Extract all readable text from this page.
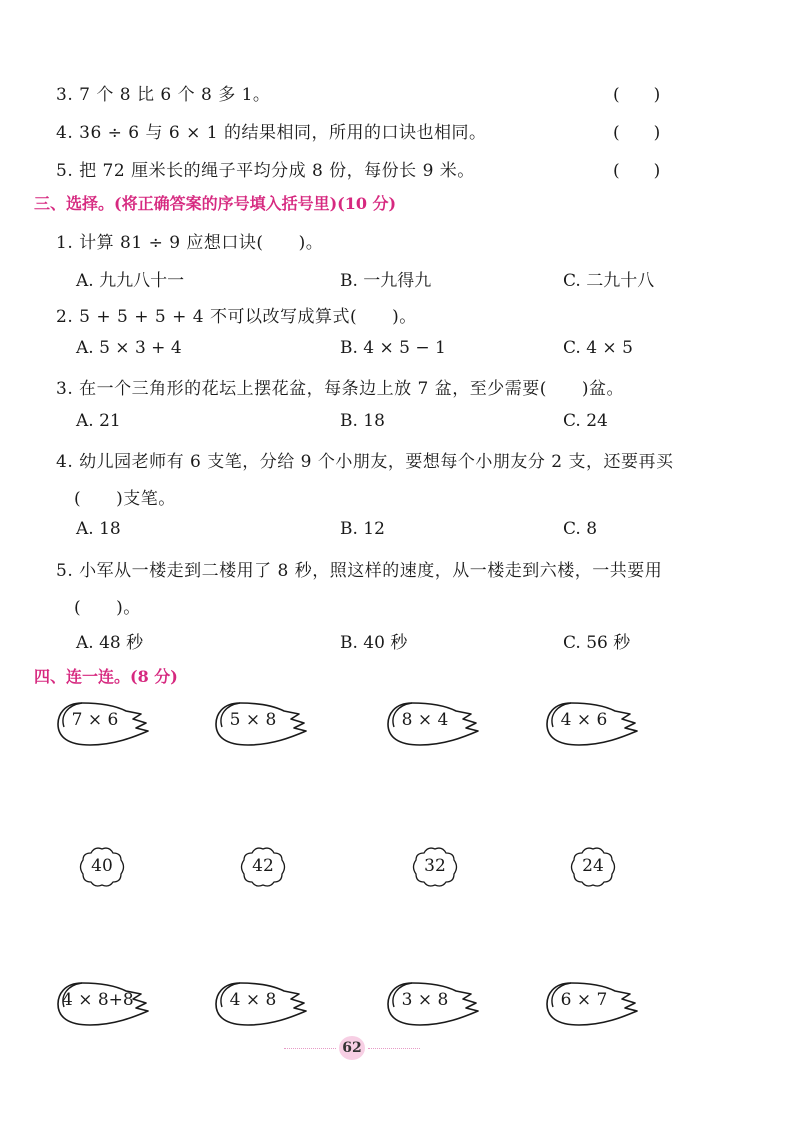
3. 7 个 8 比 6 个 8 多 1。	(　　)
4. 36 ÷ 6 与 6 × 1 的结果相同，所用的口诀也相同。	(　　)
5. 把 72 厘米长的绳子平均分成 8 份，每份长 9 米。	(　　)
三、选择。(将正确答案的序号填入括号里)(10 分)
1. 计算 81 ÷ 9 应想口诀(　　)。
A. 九九八十一	B. 一九得九	C. 二九十八
2. 5 + 5 + 5 + 4 不可以改写成算式(　　)。
A. 5 × 3 + 4	B. 4 × 5 − 1	C. 4 × 5
3. 在一个三角形的花坛上摆花盆，每条边上放 7 盆，至少需要(　　)盆。
A. 21	B. 18	C. 24
4. 幼儿园老师有 6 支笔，分给 9 个小朋友，要想每个小朋友分 2 支，还要再买
(　　)支笔。
A. 18	B. 12	C. 8
5. 小军从一楼走到二楼用了 8 秒，照这样的速度，从一楼走到六楼，一共要用
(　　)。
A. 48 秒	B. 40 秒	C. 56 秒
四、连一连。(8 分)
7 × 6	5 × 8	8 × 4	4 × 6
40	42	32	24
4 × 8+8	4 × 8	3 × 8	6 × 7
62
